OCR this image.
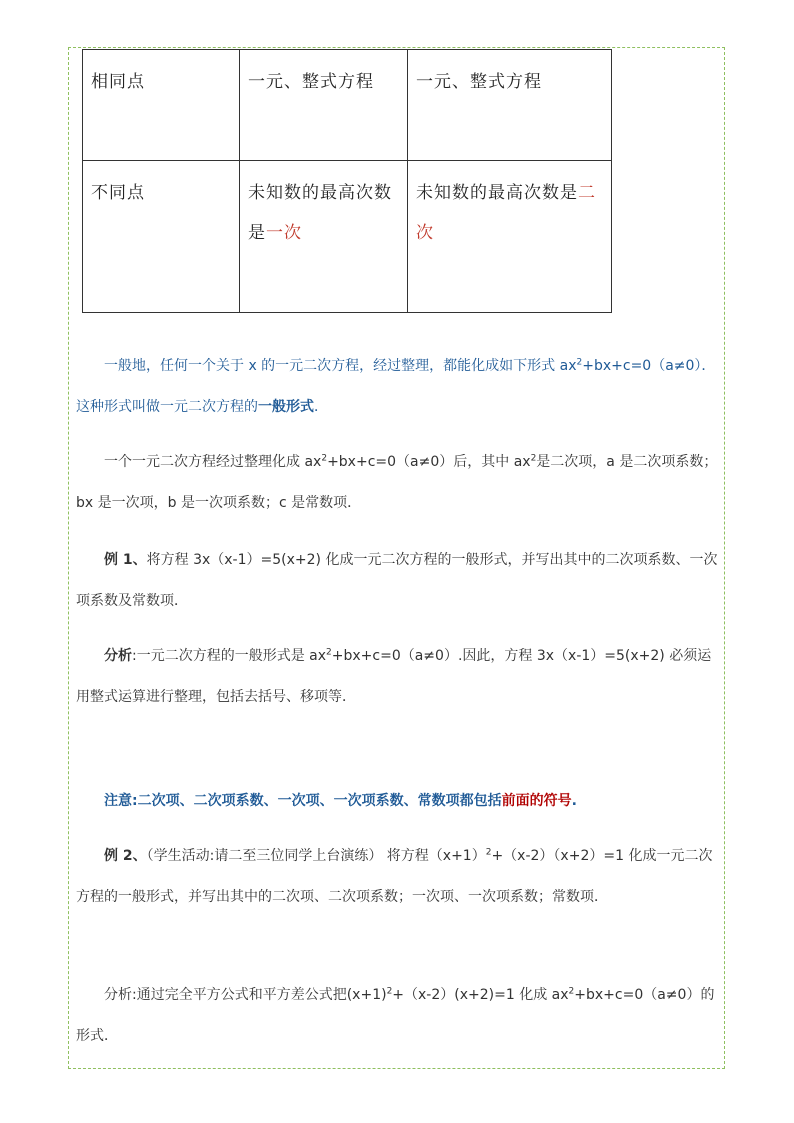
相同点	一元、整式方程	一元、整式方程
不同点	未知数的最高次数是一次	未知数的最高次数是二次
一般地，任何一个关于 x 的一元二次方程，经过整理，都能化成如下形式 $ax^2+bx+c=0(a\ne 0)$．这种形式叫做一元二次方程的一般形式．
一个一元二次方程经过整理化成 $ax^2+bx+c=0(a\ne 0)$后，其中 $ax^2$是二次项，a 是二次项系数；bx 是一次项，b 是一次项系数；c 是常数项．
例 1、将方程 3x（x-1）=5(x+2) 化成一元二次方程的一般形式，并写出其中的二次项系数、一次项系数及常数项．
分析:一元二次方程的一般形式是 $ax^2+bx+c=0(a\ne 0)$.因此，方程 3x（x-1）=5(x+2) 必须运用整式运算进行整理，包括去括号、移项等．
注意:二次项、二次项系数、一次项、一次项系数、常数项都包括前面的符号.
例 2、（学生活动:请二至三位同学上台演练） 将方程$(x+1)^2+(x-2)(x+2)=1$ 化成一元二次方程的一般形式，并写出其中的二次项、二次项系数；一次项、一次项系数；常数项．
分析:通过完全平方公式和平方差公式把$(x+1)^2+(x-2)(x+2)=1$ 化成 $ax^2+bx+c=0(a\ne 0)$的形式．
